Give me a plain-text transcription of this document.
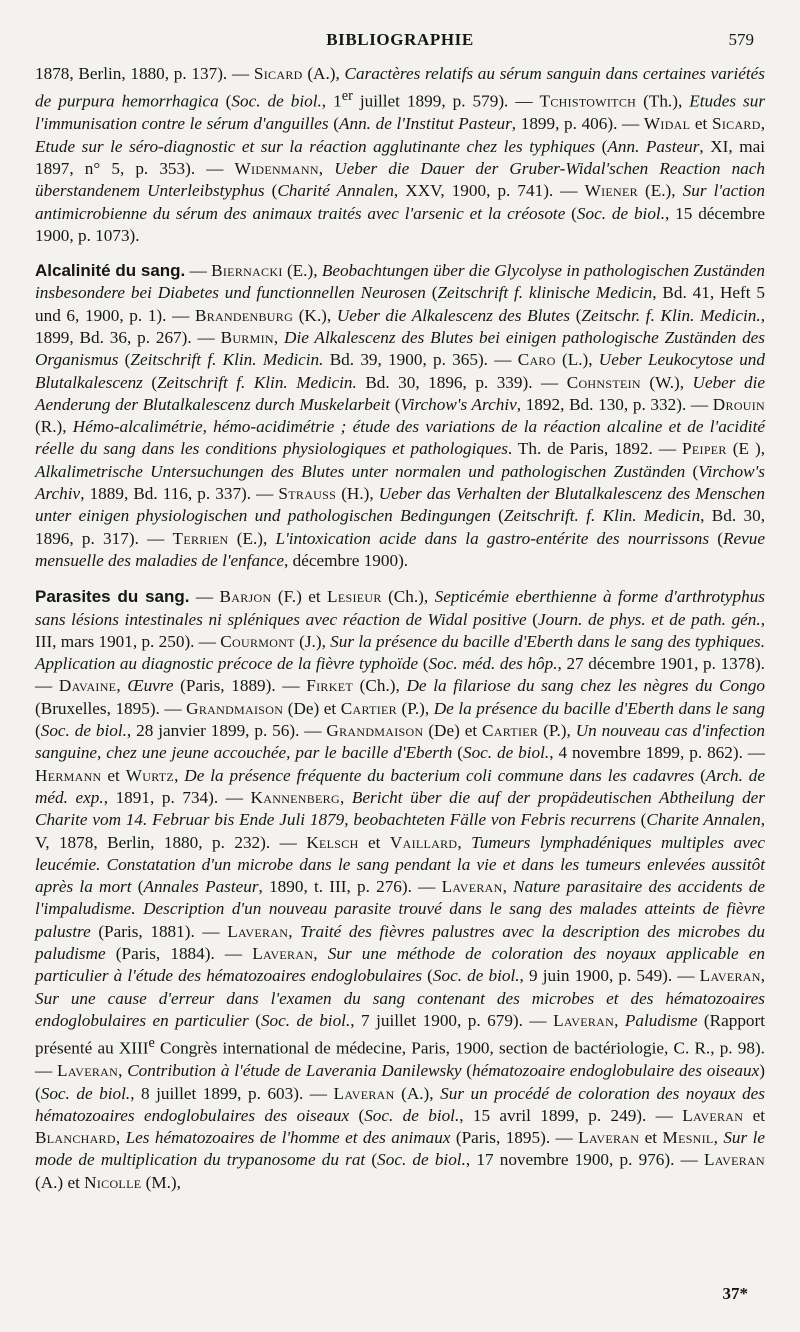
BIBLIOGRAPHIE	579

1878, Berlin, 1880, p. 137). — Sicard (A.), Caractères relatifs au sérum sanguin dans certaines variétés de purpura hemorrhagica (Soc. de biol., 1er juillet 1899, p. 579). — Tchistowitch (Th.), Etudes sur l'immunisation contre le sérum d'anguilles (Ann. de l'Institut Pasteur, 1899, p. 406). — Widal et Sicard, Etude sur le séro-diagnostic et sur la réaction agglutinante chez les typhiques (Ann. Pasteur, XI, mai 1897, n° 5, p. 353). — Widenmann, Ueber die Dauer der Gruber-Widal'schen Reaction nach überstandenem Unterleibstyphus (Charité Annalen, XXV, 1900, p. 741). — Wiener (E.), Sur l'action antimicrobienne du sérum des animaux traités avec l'arsenic et la créosote (Soc. de biol., 15 décembre 1900, p. 1073).

Alcalinité du sang. — Biernacki (E.), Beobachtungen über die Glycolyse in pathologischen Zuständen insbesondere bei Diabetes und functionnellen Neurosen (Zeitschrift f. klinische Medicin, Bd. 41, Heft 5 und 6, 1900, p. 1). — Brandenburg (K.), Ueber die Alkalescenz des Blutes (Zeitschr. f. Klin. Medicin., 1899, Bd. 36, p. 267). — Burmin, Die Alkalescenz des Blutes bei einigen pathologische Zuständen des Organismus (Zeitschrift f. Klin. Medicin. Bd. 39, 1900, p. 365). — Caro (L.), Ueber Leukocytose und Blutalkalescenz (Zeitschrift f. Klin. Medicin. Bd. 30, 1896, p. 339). — Cohnstein (W.), Ueber die Aenderung der Blutalkalescenz durch Muskelarbeit (Virchow's Archiv, 1892, Bd. 130, p. 332). — Drouin (R.), Hémo-alcalimétrie, hémo-acidimétrie ; étude des variations de la réaction alcaline et de l'acidité réelle du sang dans les conditions physiologiques et pathologiques. Th. de Paris, 1892. — Peiper (E ), Alkalimetrische Untersuchungen des Blutes unter normalen und pathologischen Zuständen (Virchow's Archiv, 1889, Bd. 116, p. 337). — Strauss (H.), Ueber das Verhalten der Blutalkalescenz des Menschen unter einigen physiologischen und pathologischen Bedingungen (Zeitschrift. f. Klin. Medicin, Bd. 30, 1896, p. 317). — Terrien (E.), L'intoxication acide dans la gastro-entérite des nourrissons (Revue mensuelle des maladies de l'enfance, décembre 1900).

Parasites du sang. — Barjon (F.) et Lesieur (Ch.), Septicémie eberthienne à forme d'arthrotyphus sans lésions intestinales ni spléniques avec réaction de Widal positive (Journ. de phys. et de path. gén., III, mars 1901, p. 250). — Courmont (J.), Sur la présence du bacille d'Eberth dans le sang des typhiques. Application au diagnostic précoce de la fièvre typhoïde (Soc. méd. des hôp., 27 décembre 1901, p. 1378). — Davaine, Œuvre (Paris, 1889). — Firket (Ch.), De la filariose du sang chez les nègres du Congo (Bruxelles, 1895). — Grandmaison (De) et Cartier (P.), De la présence du bacille d'Eberth dans le sang (Soc. de biol., 28 janvier 1899, p. 56). — Grandmaison (De) et Cartier (P.), Un nouveau cas d'infection sanguine, chez une jeune accouchée, par le bacille d'Eberth (Soc. de biol., 4 novembre 1899, p. 862). — Hermann et Wurtz, De la présence fréquente du bacterium coli commune dans les cadavres (Arch. de méd. exp., 1891, p. 734). — Kannenberg, Bericht über die auf der propädeutischen Abtheilung der Charite vom 14. Februar bis Ende Juli 1879, beobachteten Fälle von Febris recurrens (Charite Annalen, V, 1878, Berlin, 1880, p. 232). — Kelsch et Vaillard, Tumeurs lymphadéniques multiples avec leucémie. Constatation d'un microbe dans le sang pendant la vie et dans les tumeurs enlevées aussitôt après la mort (Annales Pasteur, 1890, t. III, p. 276). — Laveran, Nature parasitaire des accidents de l'impaludisme. Description d'un nouveau parasite trouvé dans le sang des malades atteints de fièvre palustre (Paris, 1881). — Laveran, Traité des fièvres palustres avec la description des microbes du paludisme (Paris, 1884). — Laveran, Sur une méthode de coloration des noyaux applicable en particulier à l'étude des hématozoaires endoglobulaires (Soc. de biol., 9 juin 1900, p. 549). — Laveran, Sur une cause d'erreur dans l'examen du sang contenant des microbes et des hématozoaires endoglobulaires en particulier (Soc. de biol., 7 juillet 1900, p. 679). — Laveran, Paludisme (Rapport présenté au XIIIe Congrès international de médecine, Paris, 1900, section de bactériologie, C. R., p. 98). — Laveran, Contribution à l'étude de Laverania Danilewsky (hématozoaire endoglobulaire des oiseaux) (Soc. de biol., 8 juillet 1899, p. 603). — Laveran (A.), Sur un procédé de coloration des noyaux des hématozoaires endoglobulaires des oiseaux (Soc. de biol., 15 avril 1899, p. 249). — Laveran et Blanchard, Les hématozoaires de l'homme et des animaux (Paris, 1895). — Laveran et Mesnil, Sur le mode de multiplication du trypanosome du rat (Soc. de biol., 17 novembre 1900, p. 976). — Laveran (A.) et Nicolle (M.),

37*
